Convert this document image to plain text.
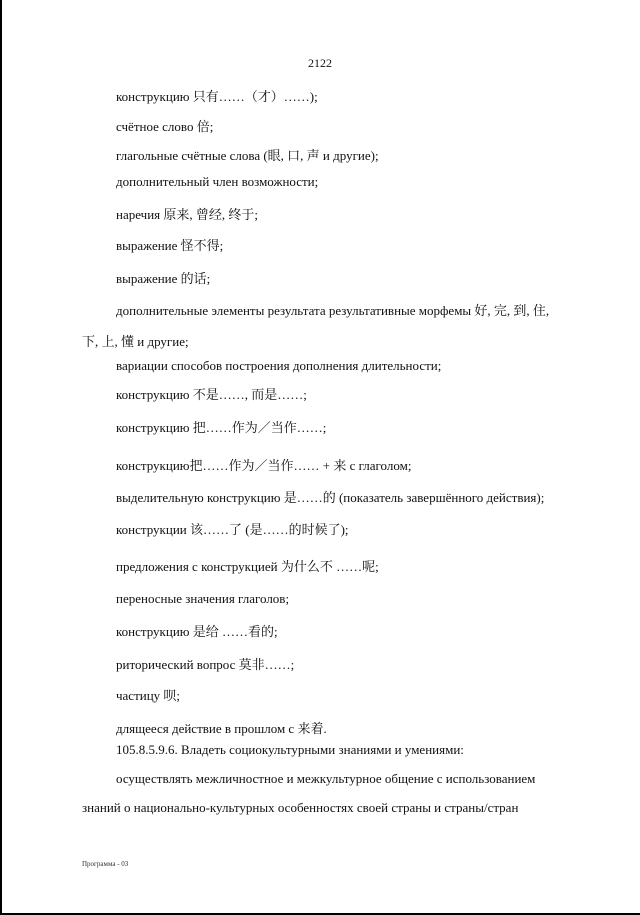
2122
конструкцию 只有……（才）……);
счётное слово 倍;
глагольные счётные слова (眼, 口, 声 и другие);
дополнительный член возможности;
наречия 原来, 曾经, 终于;
выражение 怪不得;
выражение 的话;
дополнительные элементы результата результативные морфемы 好, 完, 到, 住,
下, 上, 懂 и другие;
вариации способов построения дополнения длительности;
конструкцию 不是……, 而是……;
конструкцию 把……作为／当作……;
конструкцию把……作为／当作…… + 来 с глаголом;
выделительную конструкцию 是……的 (показатель завершённого действия);
конструкции 该……了 (是……的时候了);
предложения с конструкцией 为什么不 ……呢;
переносные значения глаголов;
конструкцию 是给 ……看的;
риторический вопрос 莫非……;
частицу 呗;
длящееся действие в прошлом с 来着.
105.8.5.9.6. Владеть социокультурными знаниями и умениями:
осуществлять межличностное и межкультурное общение с использованием
знаний о национально-культурных особенностях своей страны и страны/стран
Программа - 03
